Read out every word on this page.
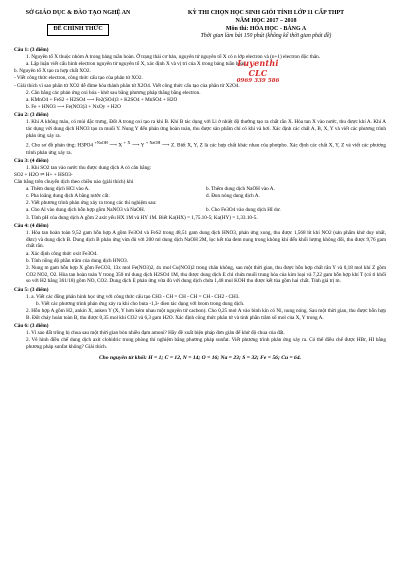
SỞ GIÁO DỤC & ĐÀO TẠO NGHỆ AN
ĐỀ CHÍNH THỨC
KỲ THI CHỌN HỌC SINH GIỎI TỈNH LỚP 11 CẤP THPT
NĂM HỌC 2017 – 2018
Môn thi: HÓA HỌC - BẢNG A
Thời gian làm bài 150 phút (không kể thời gian phát đề)
Luyenthi CLC
0969 339 586
Câu 1: (3 điểm)
1. Nguyên tố X thuộc nhóm A trong bảng tuần hoàn. Ở trạng thái cơ bản, nguyên tử nguyên tố X có n lớp electron và (n+1) electron độc thân.
a. Lập luận viết cấu hình electron nguyên tử nguyên tố X, xác định X và vị trí của X trong bảng tuần hoàn.
b. Nguyên tố X tạo ra hợp chất XO2.
- Viết công thức electron, công thức cấu tạo của phân tử XO2.
- Giải thích vì sao phân tử XO2 dễ đime hóa thành phân tử X2O4. Viết công thức cấu tạo của phân tử X2O4.
2. Cân bằng các phản ứng oxi hóa - khử sau bằng phương pháp thăng bằng electron.
a. KMnO4 + FeS2 + H2SO4 ⟶ Fe2(SO4)3 + K2SO4 + MnSO4 + H2O
b. Fe + HNO3 ⟶ Fe(NO3)3 + NxOy + H2O
Câu 2: (3 điểm)
1. Khí A không màu, có mùi đặc trưng. Đốt A trong oxi tạo ra khí B. Khí B tác dụng với Li ở nhiệt độ thường tạo ra chất rắn X. Hòa tan X vào nước, thu được khí A. Khí A tác dụng với dung dịch HNO3 tạo ra muối Y. Nung Y đến phản ứng hoàn toàn, thu được sản phẩm chỉ có khí và hơi. Xác định các chất A, B, X, Y và viết các phương trình phản ứng xảy ra.
2. Cho sơ đồ phản ứng: H3PO4 $^{+NaOH}$ ⟶ X $^{+ X}$ ⟶ Y $^{+ NaOH}$ ⟶ Z. Biết X, Y, Z là các hợp chất khác nhau của photpho. Xác định các chất X, Y, Z và viết các phương trình phản ứng xảy ra.
Câu 3: (4 điểm)
1. Khi SO2 tan vào nước thu được dung dịch A có cân bằng:
SO2 + H2O ⇌ H+ + HSO3-
Cân bằng trên chuyển dịch theo chiều nào (giải thích) khi
a. Thêm dung dịch HCl vào A.	b. Thêm dung dịch NaOH vào A.
c. Pha loãng dung dịch A bằng nước cất.	d. Đun nóng dung dịch A.
2. Viết phương trình phản ứng xảy ra trong các thí nghiệm sau:
a. Cho Al vào dung dịch hỗn hợp gồm NaNO3 và NaOH.	b. Cho Fe3O4 vào dung dịch HI dư.
3. Tính pH của dung dịch A gồm 2 axit yếu HX 1M và HY 1M. Biết Ka(HX) = 1,75.10-5; Ka(HY) = 1,33.10-5.
Câu 4: (4 điểm)
1. Hòa tan hoàn toàn 9,52 gam hỗn hợp A gồm Fe3O4 và FeS2 trong 48,51 gam dung dịch HNO3, phản ứng xong, thu được 1,568 lít khí NO2 (sản phẩm khử duy nhất, đktc) và dung dịch B. Dung dịch B phản ứng vừa đủ với 200 ml dung dịch NaOH 2M, lọc kết tủa đem nung trong không khí đến khối lượng không đổi, thu được 9,76 gam chất rắn.
a. Xác định công thức oxit Fe3O4.
b. Tính nồng độ phần trăm của dung dịch HNO3.
2. Nung m gam hỗn hợp X gồm FeCO3, 13x mol Fe(NO3)2, 4x mol Cu(NO3)2 trong chân không, sau một thời gian, thu được hỗn hợp chất rắn Y và 0,18 mol khí Z gồm CO2 NO2, O2. Hòa tan hoàn toàn Y trong 350 ml dung dịch H2SO4 1M, thu được dung dịch E chỉ chứa muối trung hòa của kim loại và 7,22 gam hỗn hợp khí T (có tỉ khối so với H2 bằng 361/18) gồm NO, CO2. Dung dịch E phản ứng vừa đủ với dung dịch chứa 1,48 mol KOH thu được kết tủa gồm hai chất. Tính giá trị m.
Câu 5: (3 điểm)
1. a. Viết các đồng phân hình học ứng với công thức cấu tạo CH3 - CH = CH - CH = CH - CH2 - CH3.
b. Viết các phương trình phản ứng xảy ra khi cho buta -1,3- dien tác dụng với brom trong dung dịch.
2. Hỗn hợp A gồm H2, ankin X, anken Y (X, Y hơn kém nhau một nguyên tử cacbon). Cho 0,25 mol A vào bình kín có Ni, nung nóng. Sau một thời gian, thu được hỗn hợp B. Đốt cháy hoàn toàn B, thu được 0,35 mol khí CO2 và 6,3 gam H2O. Xác định công thức phân tử và tính phần trăm số mol của X, Y trong A.
Câu 6: (3 điểm)
1. Vì sao đất trồng bị chua sau một thời gian bón nhiều đạm amoni? Hãy đề xuất biện pháp đơn giản để khử độ chua của đất.
2. Vẽ hình điều chế dung dịch axit clohidric trong phòng thí nghiệm bằng phương pháp sunfat. Viết phương trình phản ứng xảy ra. Có thể điều chế được HBr, HI bằng phương pháp sunfat không? Giải thích.
Cho nguyên tử khối: H = 1; C = 12, N = 14; O = 16; Na = 23; S = 32; Fe = 56; Cu = 64.
